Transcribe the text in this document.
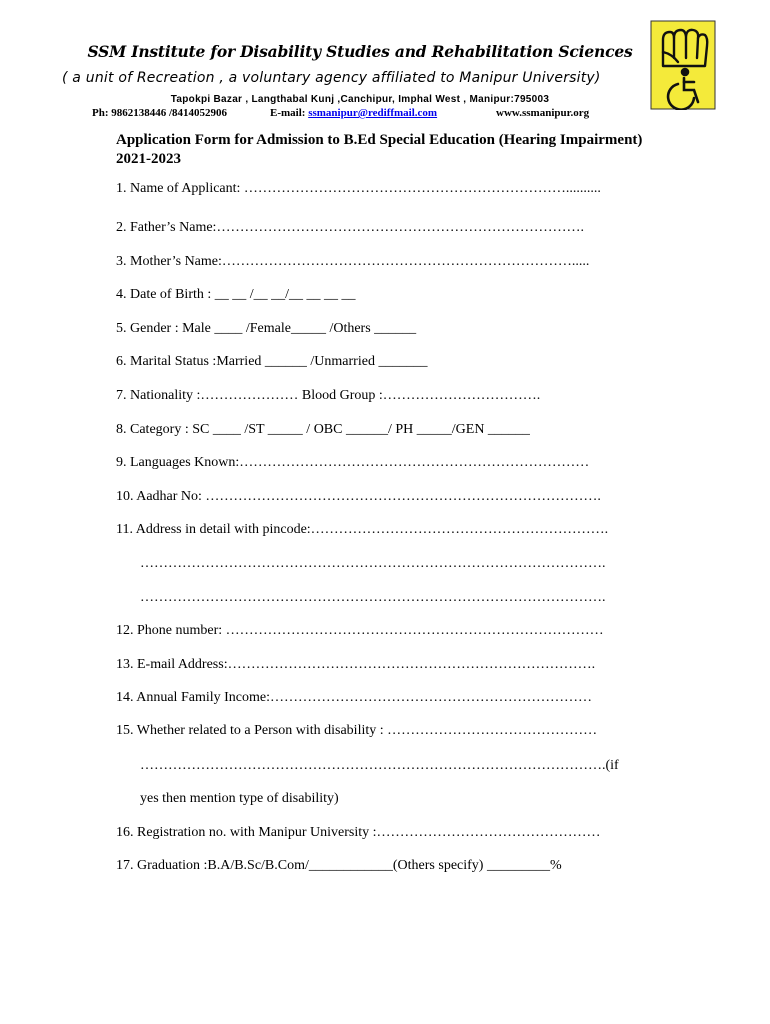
SSM Institute for Disability Studies and Rehabilitation Sciences
( a unit of Recreation , a voluntary agency affiliated to Manipur University)
Tapokpi Bazar , Langthabal Kunj ,Canchipur, Imphal West , Manipur:795003
Ph: 9862138446 /8414052906	E-mail: ssmanipur@rediffmail.com	www.ssmanipur.org
Application Form for Admission to B.Ed Special Education (Hearing Impairment)
2021-2023
1. Name of Applicant: ……………………………………………………………..........
2. Father’s Name:…………………………………………………………………….
3. Mother’s Name:………………………………………………………………….....
4. Date of Birth : __ __ /__ __/__ __ __ __
5. Gender : Male ____ /Female_____ /Others ______
6. Marital Status :Married ______ /Unmarried _______
7. Nationality :………………… Blood Group :…………………………….
8. Category : SC ____ /ST _____ / OBC ______/ PH _____/GEN ______
9. Languages Known:…………………………………………………………………
10. Aadhar No: ………………………………………………………………………….
11. Address in detail with pincode:……………………………………………………….
……………………………………………………………………………………….
……………………………………………………………………………………….
12. Phone number: ………………………………………………………………………
13. E-mail Address:…………………………………………………………………….
14. Annual Family Income:……………………………………………………………
15. Whether related to a Person with disability : ………………………………………
……………………………………………………………………………………….(if
yes then mention type of disability)
16. Registration no. with Manipur University :…………………………………………
17. Graduation :B.A/B.Sc/B.Com/____________(Others specify) _________%
